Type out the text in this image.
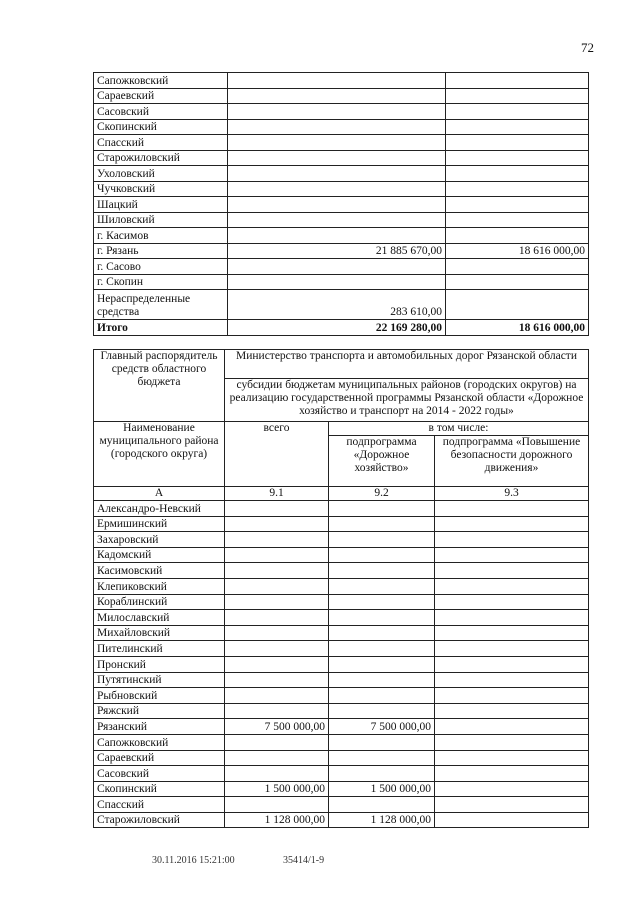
72
Сапожковский		
Сараевский		
Сасовский		
Скопинский		
Спасский		
Старожиловский		
Ухоловский		
Чучковский		
Шацкий		
Шиловский		
г. Касимов		
г. Рязань	21 885 670,00	18 616 000,00
г. Сасово		
г. Скопин		
Нераспределенные средства	283 610,00	
Итого	22 169 280,00	18 616 000,00
Главный распорядитель средств областного бюджета	Министерство транспорта и автомобильных дорог Рязанской области		
	субсидии бюджетам муниципальных районов (городских округов) на реализацию государственной программы Рязанской области «Дорожное хозяйство и транспорт на 2014 - 2022 годы»		
Наименование муниципального района (городского округа)	всего	в том числе:	
		подпрограмма «Дорожное хозяйство»	подпрограмма «Повышение безопасности дорожного движения»
А	9.1	9.2	9.3
Александро-Невский			
Ермишинский			
Захаровский			
Кадомский			
Касимовский			
Клепиковский			
Кораблинский			
Милославский			
Михайловский			
Пителинский			
Пронский			
Путятинский			
Рыбновский			
Ряжский			
Рязанский	7 500 000,00	7 500 000,00	
Сапожковский			
Сараевский			
Сасовский			
Скопинский	1 500 000,00	1 500 000,00	
Спасский			
Старожиловский	1 128 000,00	1 128 000,00	
30.11.2016 15:21:00	35414/1-9
